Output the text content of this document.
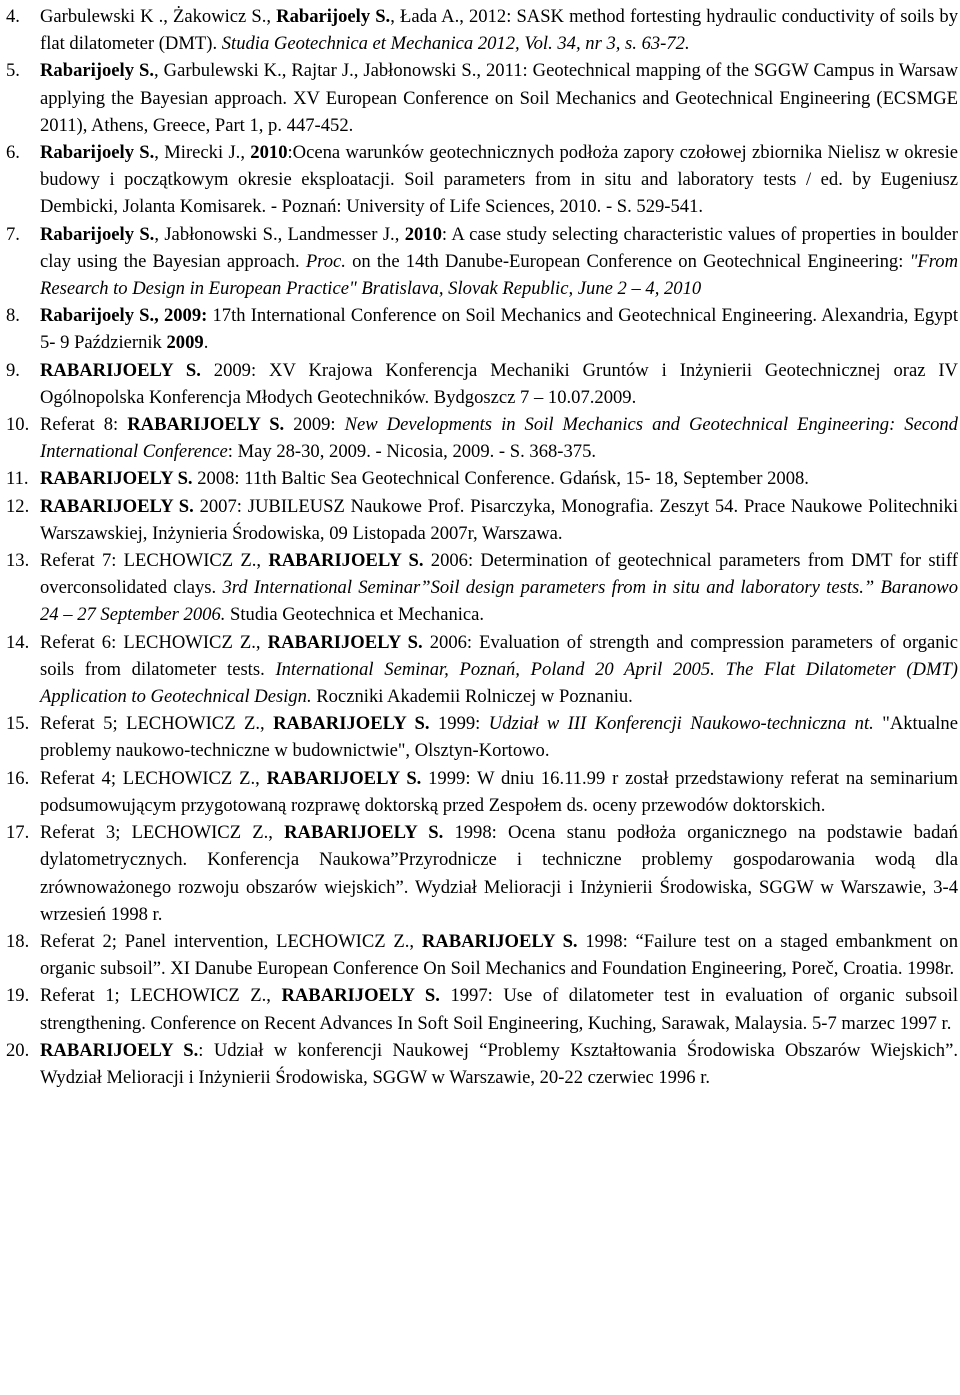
4.	Garbulewski K ., Żakowicz S., Rabarijoely S., Łada A., 2012: SASK method fortesting hydraulic conductivity of soils by flat dilatometer (DMT). Studia Geotechnica et Mechanica 2012, Vol. 34, nr 3, s. 63-72.
5.	Rabarijoely S., Garbulewski K., Rajtar J., Jabłonowski S., 2011: Geotechnical mapping of the SGGW Campus in Warsaw applying the Bayesian approach. XV European Conference on Soil Mechanics and Geotechnical Engineering (ECSMGE 2011), Athens, Greece, Part 1, p. 447-452.
6.	Rabarijoely S., Mirecki J., 2010:Ocena warunków geotechnicznych podłoża zapory czołowej zbiornika Nielisz w okresie budowy i początkowym okresie eksploatacji. Soil parameters from in situ and laboratory tests / ed. by Eugeniusz Dembicki, Jolanta Komisarek. - Poznań: University of Life Sciences, 2010. - S. 529-541.
7.	Rabarijoely S., Jabłonowski S., Landmesser J., 2010: A case study selecting characteristic values of properties in boulder clay using the Bayesian approach. Proc. on the 14th Danube-European Conference on Geotechnical Engineering: "From Research to Design in European Practice" Bratislava, Slovak Republic, June 2 – 4, 2010
8.	Rabarijoely S., 2009: 17th International Conference on Soil Mechanics and Geotechnical Engineering. Alexandria, Egypt 5- 9 Październik 2009.
9.	RABARIJOELY S. 2009: XV Krajowa Konferencja Mechaniki Gruntów i Inżynierii Geotechnicznej oraz IV Ogólnopolska Konferencja Młodych Geotechników. Bydgoszcz 7 – 10.07.2009.
10. Referat 8: RABARIJOELY S. 2009: New Developments in Soil Mechanics and Geotechnical Engineering: Second International Conference: May 28-30, 2009. - Nicosia, 2009. - S. 368-375.
11. RABARIJOELY S. 2008: 11th Baltic Sea Geotechnical Conference. Gdańsk, 15- 18, September 2008.
12. RABARIJOELY S. 2007: JUBILEUSZ Naukowe Prof. Pisarczyka, Monografia. Zeszyt 54. Prace Naukowe Politechniki Warszawskiej, Inżynieria Środowiska, 09 Listopada 2007r, Warszawa.
13. Referat 7: LECHOWICZ Z., RABARIJOELY S. 2006: Determination of geotechnical parameters from DMT for stiff overconsolidated clays. 3rd International Seminar”Soil design parameters from in situ and laboratory tests.” Baranowo 24 – 27 September 2006. Studia Geotechnica et Mechanica.
14. Referat 6: LECHOWICZ Z., RABARIJOELY S. 2006: Evaluation of strength and compression parameters of organic soils from dilatometer tests. International Seminar, Poznań, Poland 20 April 2005. The Flat Dilatometer (DMT) Application to Geotechnical Design. Roczniki Akademii Rolniczej w Poznaniu.
15. Referat 5; LECHOWICZ Z., RABARIJOELY S. 1999: Udział w III Konferencji Naukowo-techniczna nt. "Aktualne problemy naukowo-techniczne w budownictwie", Olsztyn-Kortowo.
16. Referat 4; LECHOWICZ Z., RABARIJOELY S. 1999: W dniu 16.11.99 r został przedstawiony referat na seminarium podsumowującym przygotowaną rozprawę doktorską przed Zespołem ds. oceny przewodów doktorskich.
17. Referat 3; LECHOWICZ Z., RABARIJOELY S. 1998: Ocena stanu podłoża organicznego na podstawie badań dylatometrycznych. Konferencja Naukowa”Przyrodnicze i techniczne problemy gospodarowania wodą dla zrównoważonego rozwoju obszarów wiejskich”. Wydział Melioracji i Inżynierii Środowiska, SGGW w Warszawie, 3-4 wrzesień 1998 r.
18. Referat 2; Panel intervention, LECHOWICZ Z., RABARIJOELY S. 1998: “Failure test on a staged embankment on organic subsoil”. XI Danube European Conference On Soil Mechanics and Foundation Engineering, Poreč, Croatia. 1998r.
19. Referat 1; LECHOWICZ Z., RABARIJOELY S. 1997: Use of dilatometer test in evaluation of organic subsoil strengthening. Conference on Recent Advances In Soft Soil Engineering, Kuching, Sarawak, Malaysia. 5-7 marzec 1997 r.
20. RABARIJOELY S.: Udział w konferencji Naukowej “Problemy Kształtowania Środowiska Obszarów Wiejskich”. Wydział Melioracji i Inżynierii Środowiska, SGGW w Warszawie, 20-22 czerwiec 1996 r.
